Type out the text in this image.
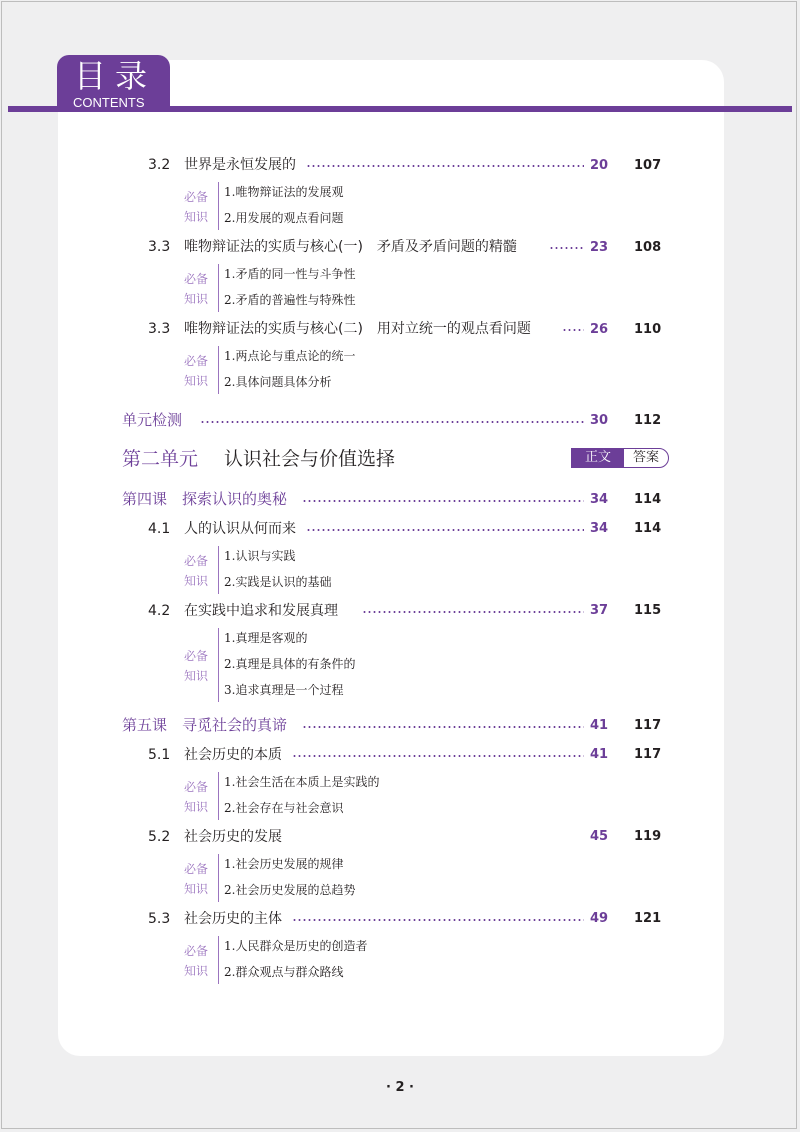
目录
CONTENTS
3.2 世界是永恒发展的	20 107
必备
知识
1.唯物辩证法的发展观
2.用发展的观点看问题
3.3 唯物辩证法的实质与核心(一)　矛盾及矛盾问题的精髓	23 108
必备
知识
1.矛盾的同一性与斗争性
2.矛盾的普遍性与特殊性
3.3 唯物辩证法的实质与核心(二)　用对立统一的观点看问题	26 110
必备
知识
1.两点论与重点论的统一
2.具体问题具体分析
单元检测	30 112
第二单元 认识社会与价值选择	正文	答案
第四课　探索认识的奥秘	34 114
4.1 人的认识从何而来	34 114
必备
知识
1.认识与实践
2.实践是认识的基础
4.2 在实践中追求和发展真理	37 115
必备
知识
1.真理是客观的
2.真理是具体的有条件的
3.追求真理是一个过程
第五课　寻觅社会的真谛	41 117
5.1 社会历史的本质	41 117
必备
知识
1.社会生活在本质上是实践的
2.社会存在与社会意识
5.2 社会历史的发展	45 119
必备
知识
1.社会历史发展的规律
2.社会历史发展的总趋势
5.3 社会历史的主体	49 121
必备
知识
1.人民群众是历史的创造者
2.群众观点与群众路线
· 2 ·
